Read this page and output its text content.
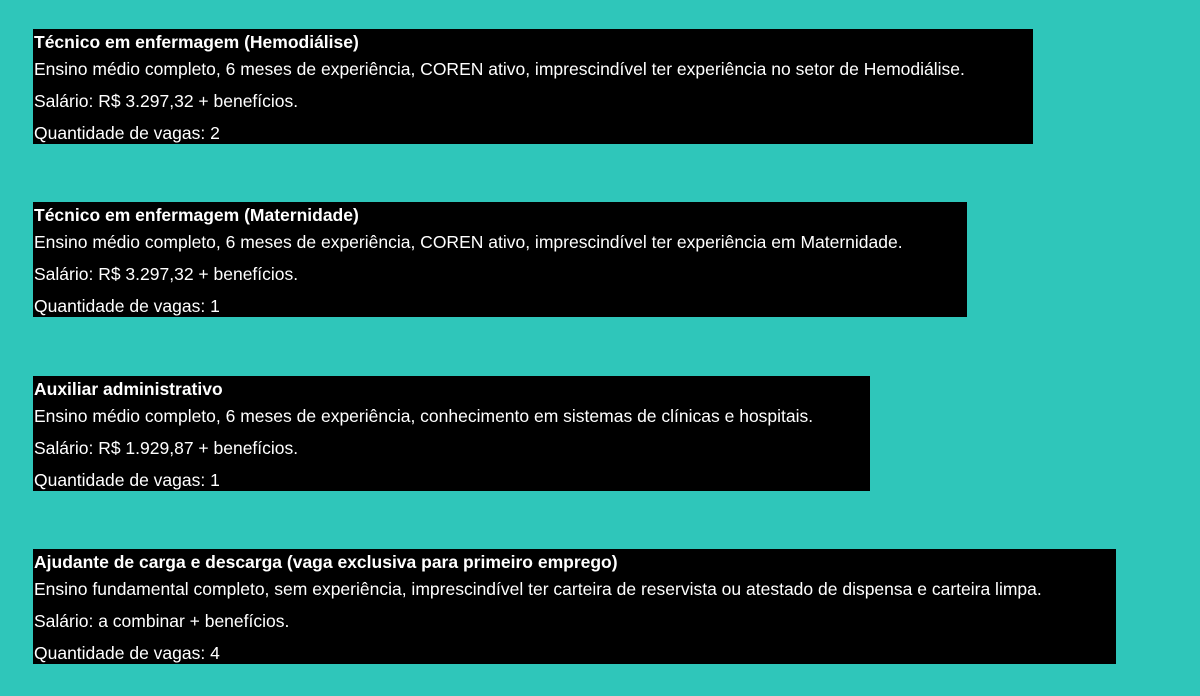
Técnico em enfermagem (Hemodiálise)
Ensino médio completo, 6 meses de experiência, COREN ativo, imprescindível ter experiência no setor de Hemodiálise.
Salário: R$ 3.297,32 + benefícios.
Quantidade de vagas: 2
Técnico em enfermagem (Maternidade)
Ensino médio completo, 6 meses de experiência, COREN ativo, imprescindível ter experiência em Maternidade.
Salário: R$ 3.297,32 + benefícios.
Quantidade de vagas: 1
Auxiliar administrativo
Ensino médio completo, 6 meses de experiência, conhecimento em sistemas de clínicas e hospitais.
Salário: R$ 1.929,87 + benefícios.
Quantidade de vagas: 1
Ajudante de carga e descarga (vaga exclusiva para primeiro emprego)
Ensino fundamental completo, sem experiência, imprescindível ter carteira de reservista ou atestado de dispensa e carteira limpa.
Salário: a combinar + benefícios.
Quantidade de vagas: 4
